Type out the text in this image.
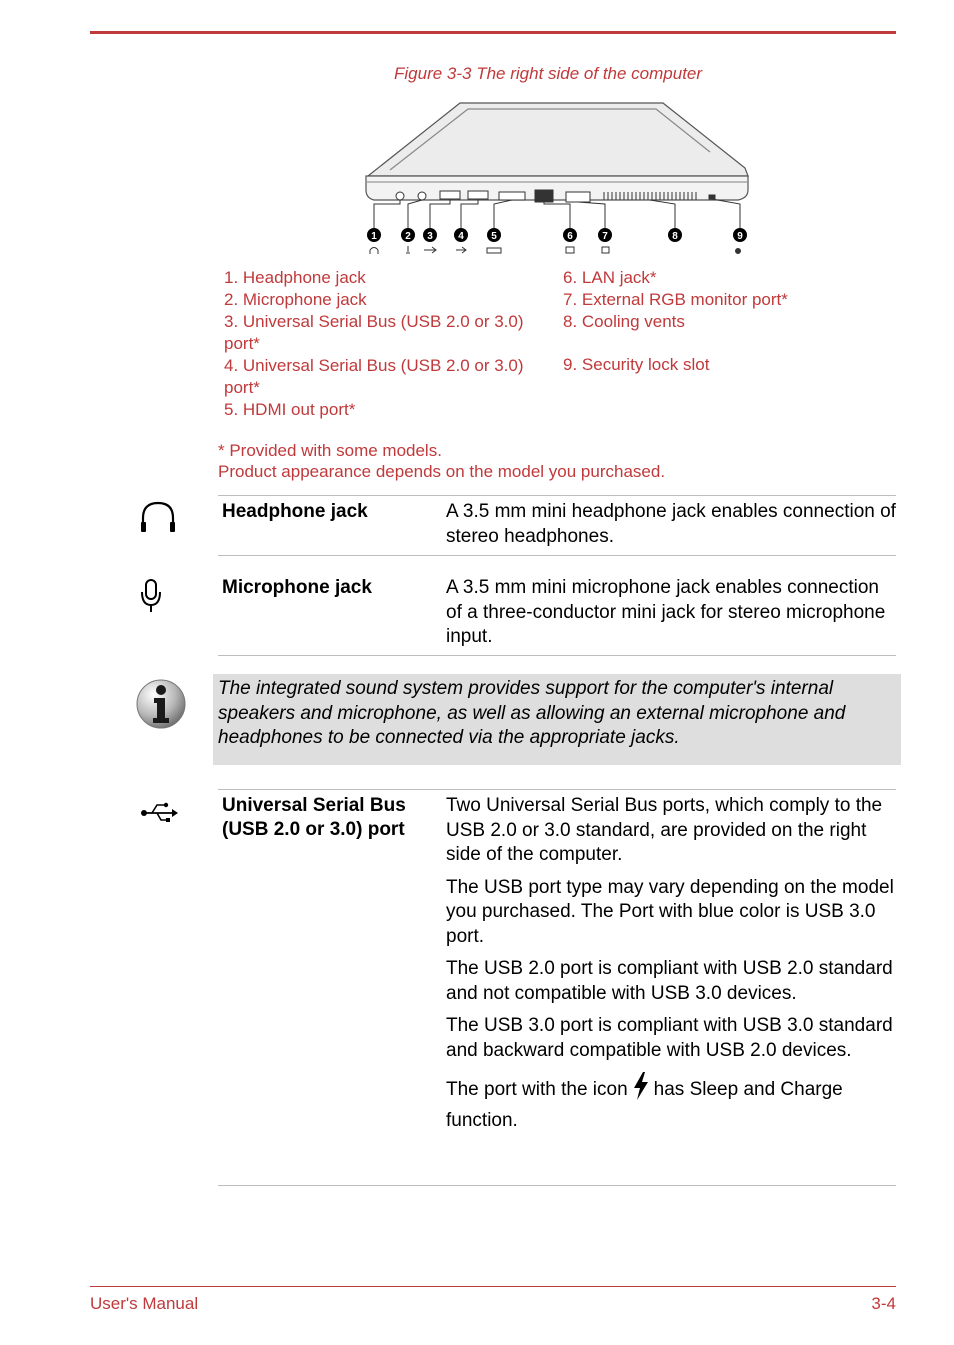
Figure 3-3 The right side of the computer
1	2 3	4	5	6	7	8	9

1. Headphone jack

2. Microphone jack

3. Universal Serial Bus (USB 2.0 or 3.0) port*

4. Universal Serial Bus (USB 2.0 or 3.0) port*

5. HDMI out port*

6. LAN jack*

7. External RGB monitor port*

8. Cooling vents

9. Security lock slot

* Provided with some models.
Product appearance depends on the model you purchased.
Headphone jack	A 3.5 mm mini headphone jack enables connection of stereo headphones.
Microphone jack	A 3.5 mm mini microphone jack enables connection of a three-conductor mini jack for stereo microphone input.
The integrated sound system provides support for the computer's internal speakers and microphone, as well as allowing an external microphone and headphones to be connected via the appropriate jacks.
Universal Serial Bus
(USB 2.0 or 3.0) port

Two Universal Serial Bus ports, which comply to the USB 2.0 or 3.0 standard, are provided on the right side of the computer.

The USB port type may vary depending on the model you purchased. The Port with blue color is USB 3.0 port.

The USB 2.0 port is compliant with USB 2.0 standard and not compatible with USB 3.0 devices.

The USB 3.0 port is compliant with USB 3.0 standard and backward compatible with USB 2.0 devices.

The port with the icon has Sleep and Charge function.

User's Manual	3-4
